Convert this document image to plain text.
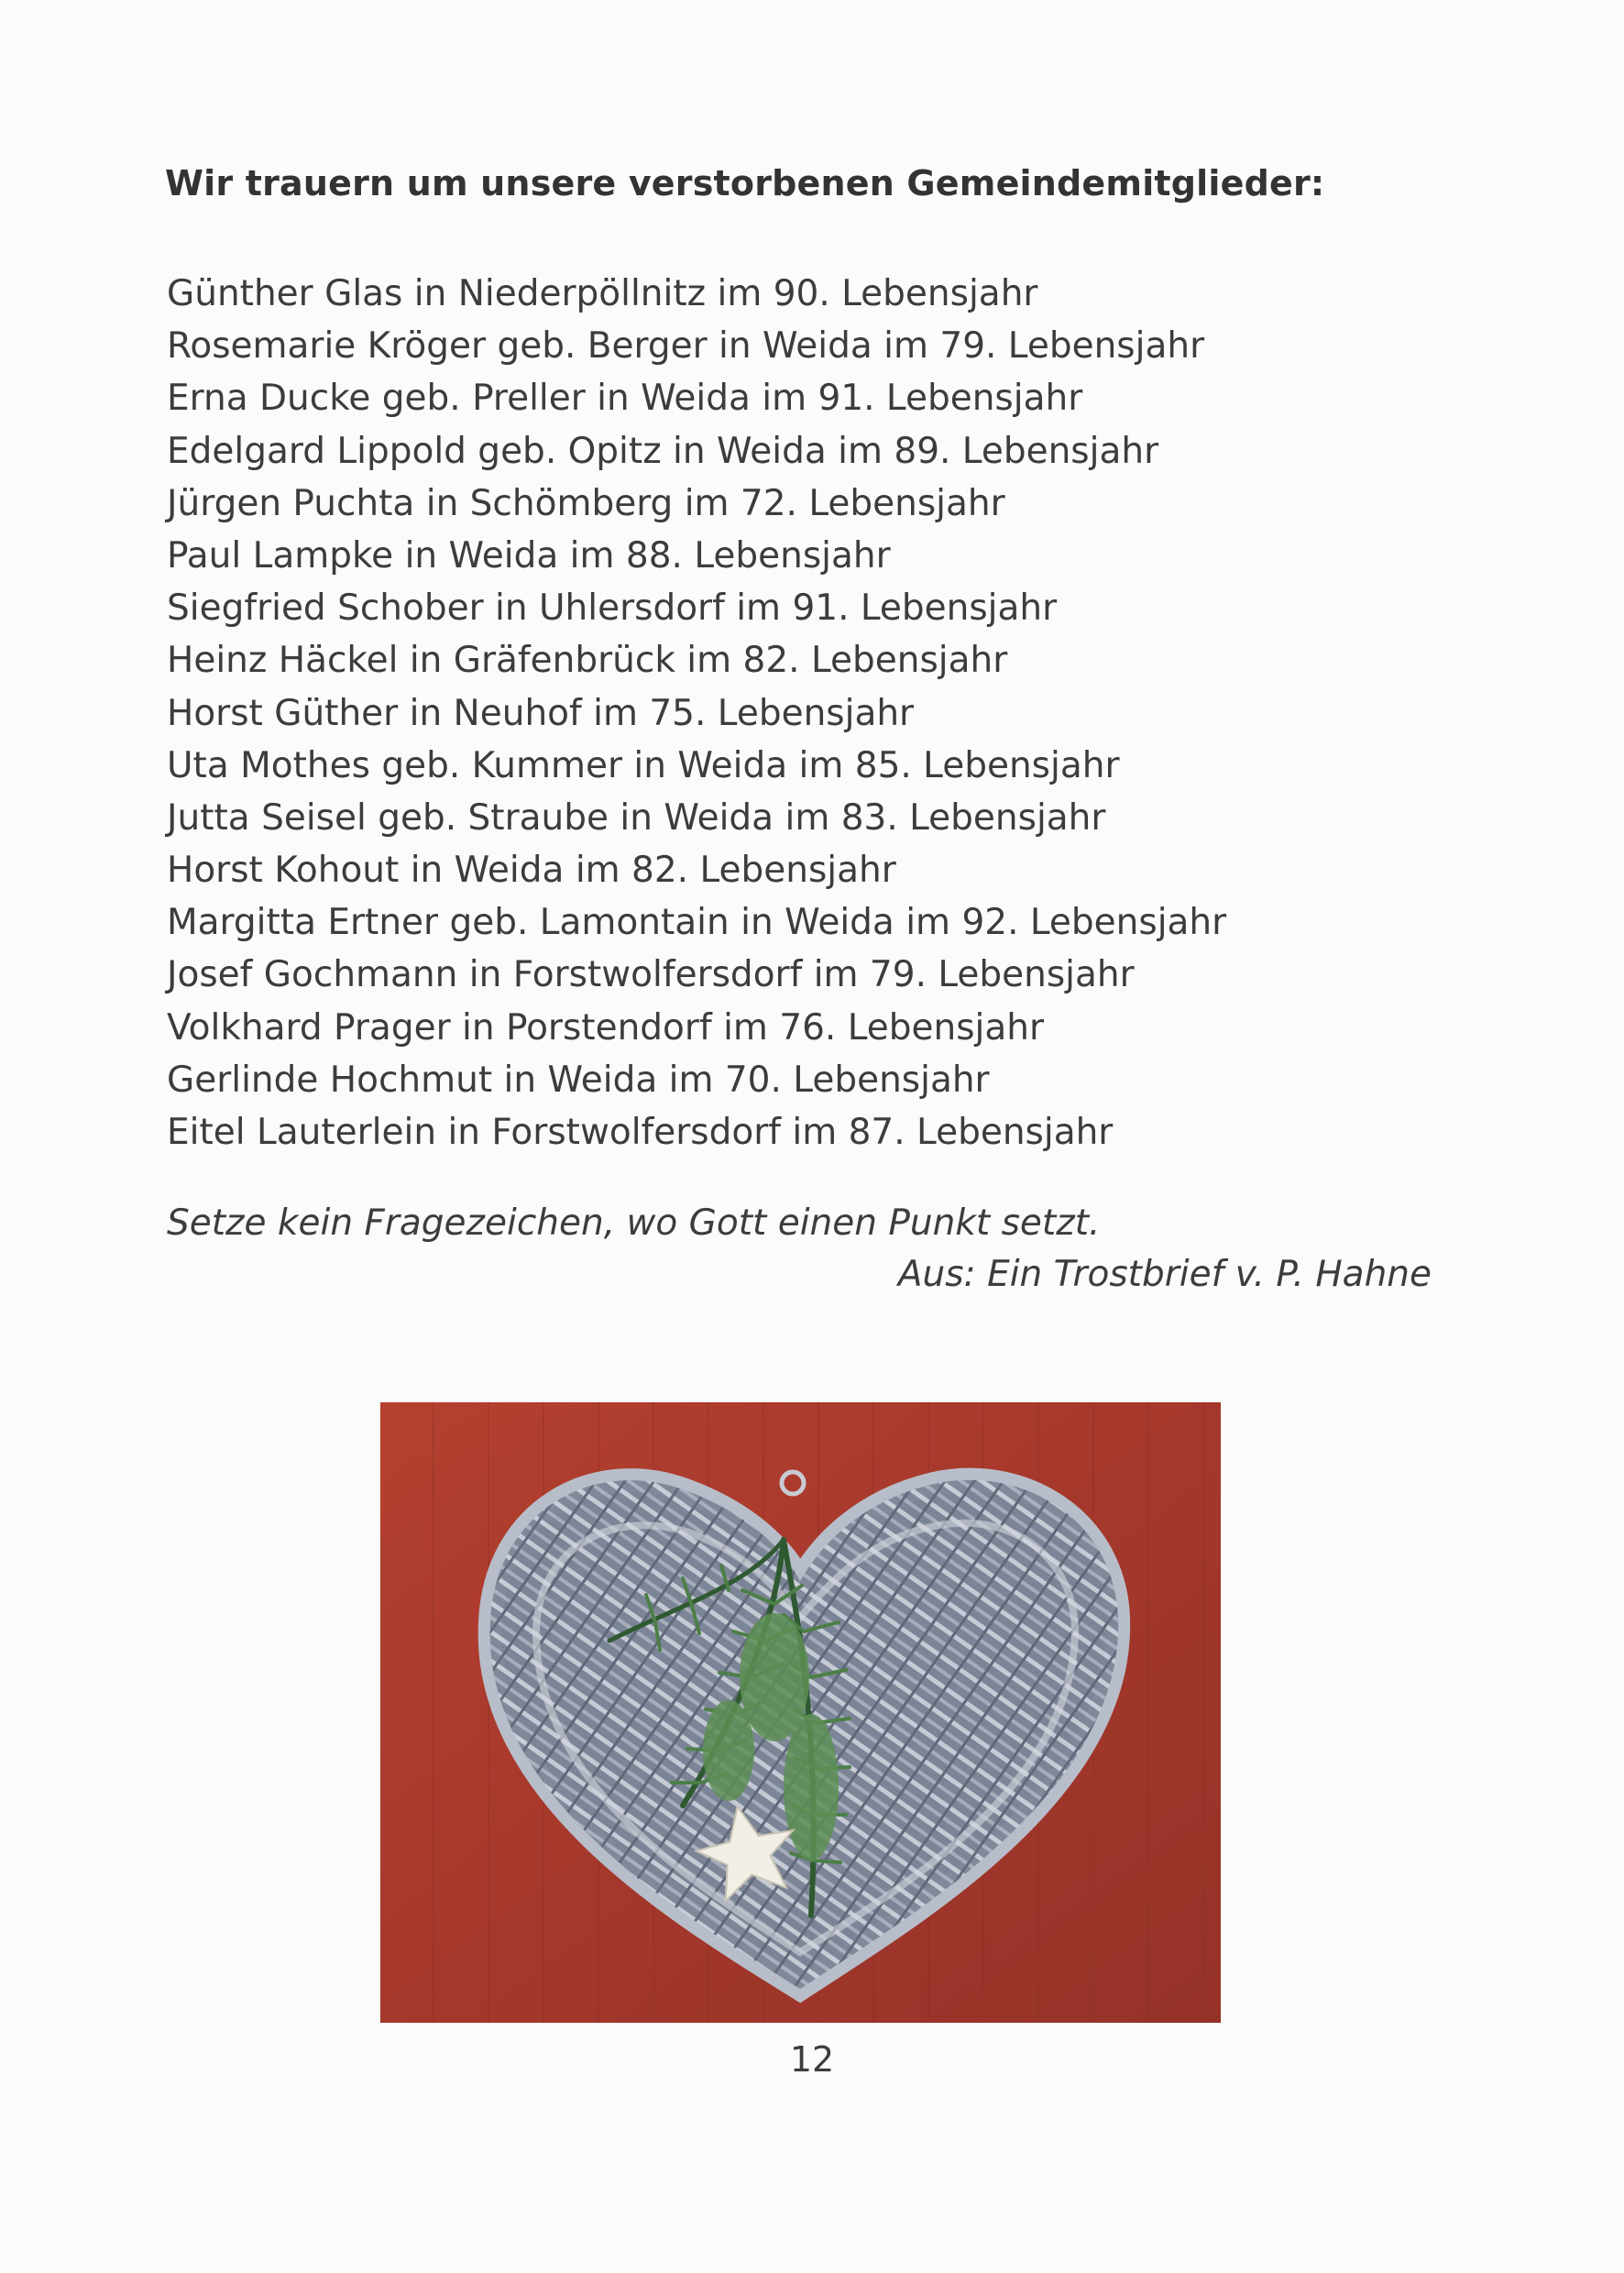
Wir trauern um unsere verstorbenen Gemeindemitglieder:
Günther Glas in Niederpöllnitz im 90. Lebensjahr
Rosemarie Kröger geb. Berger in Weida im 79. Lebensjahr
Erna Ducke geb. Preller in Weida im 91. Lebensjahr
Edelgard Lippold geb. Opitz in Weida im 89. Lebensjahr
Jürgen Puchta in Schömberg im 72. Lebensjahr
Paul Lampke in Weida im 88. Lebensjahr
Siegfried Schober in Uhlersdorf im 91. Lebensjahr
Heinz Häckel in Gräfenbrück im 82. Lebensjahr
Horst Güther in Neuhof im 75. Lebensjahr
Uta Mothes geb. Kummer in Weida im 85. Lebensjahr
Jutta Seisel geb. Straube in Weida im 83. Lebensjahr
Horst Kohout in Weida im 82. Lebensjahr
Margitta Ertner geb. Lamontain in Weida im 92. Lebensjahr
Josef Gochmann in Forstwolfersdorf im 79. Lebensjahr
Volkhard Prager in Porstendorf im 76. Lebensjahr
Gerlinde Hochmut in Weida im 70. Lebensjahr
Eitel Lauterlein in Forstwolfersdorf im 87. Lebensjahr
Setze kein Fragezeichen, wo Gott einen Punkt setzt.
Aus: Ein Trostbrief v. P. Hahne
12
